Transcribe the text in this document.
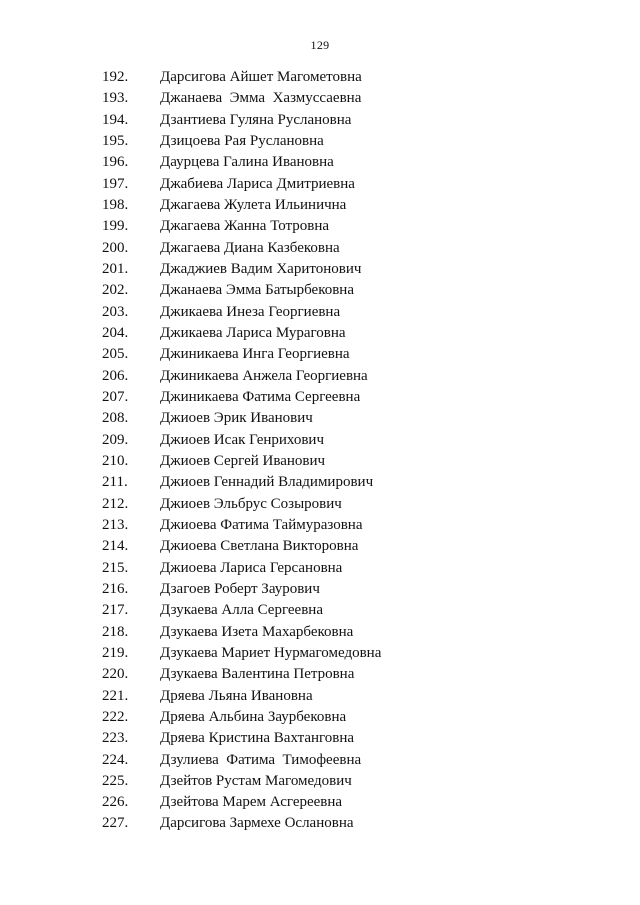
129

192.

Дарсигова Айшет Магометовна

193.

Джанаева  Эмма  Хазмуссаевна

194.

Дзантиева Гуляна Руслановна

195.

Дзицоева Рая Руслановна

196.

Даурцева Галина Ивановна

197.

Джабиева Лариса Дмитриевна

198.

Джагаева Жулета Ильинична

199.

Джагаева Жанна Тотровна

200.

Джагаева Диана Казбековна

201.

Джаджиев Вадим Харитонович

202.

Джанаева Эмма Батырбековна

203.

Джикаева Инеза Георгиевна

204.

Джикаева Лариса Мураговна

205.

Джиникаева Инга Георгиевна

206.

Джиникаева Анжела Георгиевна

207.

Джиникаева Фатима Сергеевна

208.

Джиоев Эрик Иванович

209.

Джиоев Исак Генрихович

210.

Джиоев Сергей Иванович

211.

Джиоев Геннадий Владимирович

212.

Джиоев Эльбрус Созырович

213.

Джиоева Фатима Таймуразовна

214.

Джиоева Светлана Викторовна

215.

Джиоева Лариса Герсановна

216.

Дзагоев Роберт Заурович

217.

Дзукаева Алла Сергеевна

218.

Дзукаева Изета Махарбековна

219.

Дзукаева Мариет Нурмагомедовна

220.

Дзукаева Валентина Петровна

221.

Дряева Льяна Ивановна

222.

Дряева Альбина Заурбековна

223.

Дряева Кристина Вахтанговна

224.

Дзулиева  Фатима  Тимофеевна

225.

Дзейтов Рустам Магомедович

226.

Дзейтова Марем Асгереевна

227.

Дарсигова Зармехе Ослановна
